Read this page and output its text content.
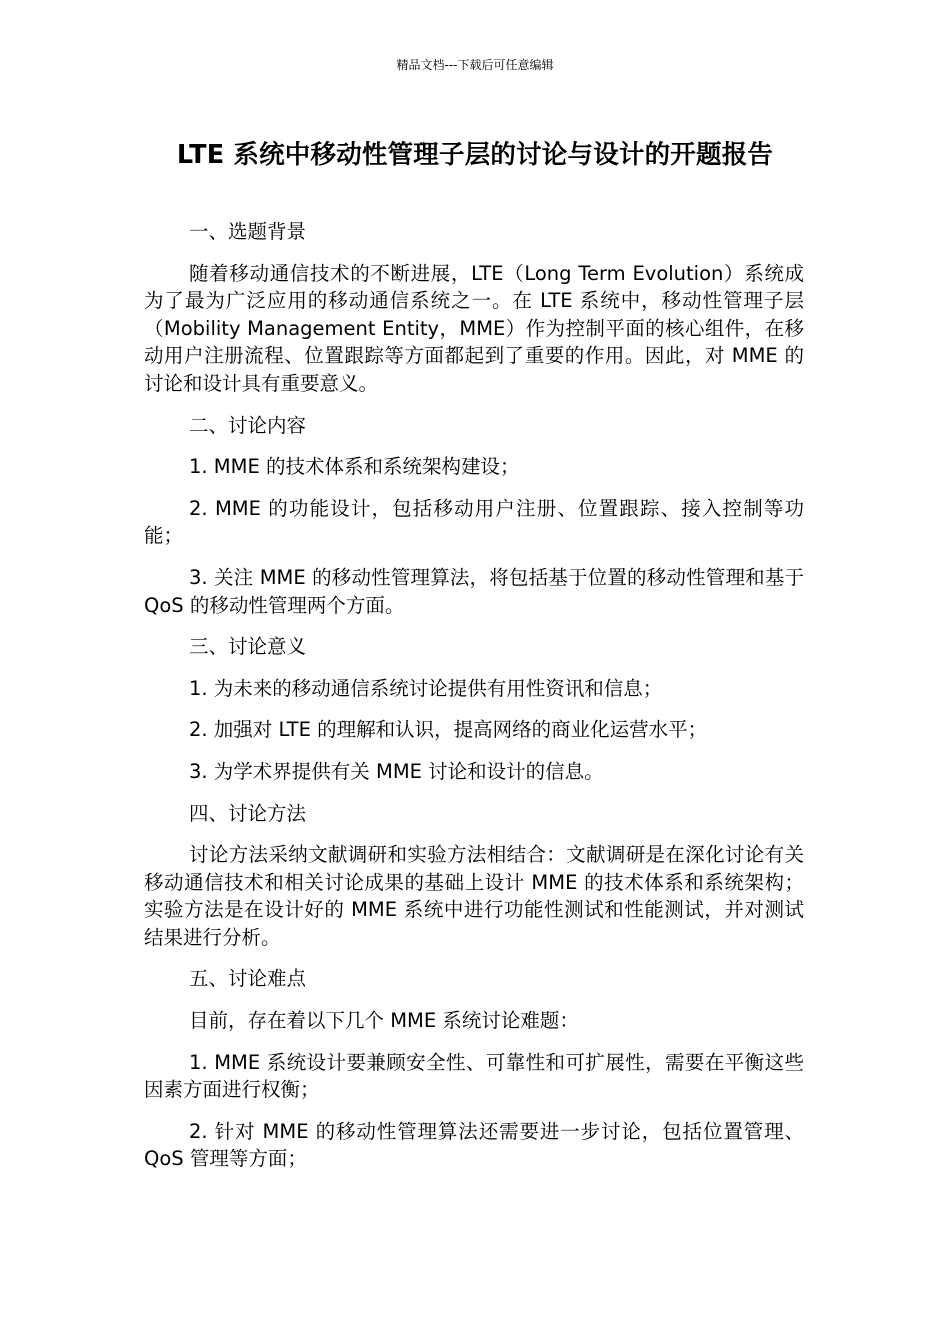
精品文档---下载后可任意编辑
LTE 系统中移动性管理子层的讨论与设计的开题报告

一、选题背景

随着移动通信技术的不断进展，LTE（Long Term Evolution）系统成为了最为广泛应用的移动通信系统之一。在 LTE 系统中，移动性管理子层（Mobility Management Entity，MME）作为控制平面的核心组件，在移动用户注册流程、位置跟踪等方面都起到了重要的作用。因此，对 MME 的讨论和设计具有重要意义。

二、讨论内容

1. MME 的技术体系和系统架构建设；

2. MME 的功能设计，包括移动用户注册、位置跟踪、接入控制等功能；

3. 关注 MME 的移动性管理算法，将包括基于位置的移动性管理和基于 QoS 的移动性管理两个方面。

三、讨论意义

1. 为未来的移动通信系统讨论提供有用性资讯和信息；

2. 加强对 LTE 的理解和认识，提高网络的商业化运营水平；

3. 为学术界提供有关 MME 讨论和设计的信息。

四、讨论方法

讨论方法采纳文献调研和实验方法相结合：文献调研是在深化讨论有关移动通信技术和相关讨论成果的基础上设计 MME 的技术体系和系统架构；实验方法是在设计好的 MME 系统中进行功能性测试和性能测试，并对测试结果进行分析。

五、讨论难点

目前，存在着以下几个 MME 系统讨论难题：

1. MME 系统设计要兼顾安全性、可靠性和可扩展性，需要在平衡这些因素方面进行权衡；

2. 针对 MME 的移动性管理算法还需要进一步讨论，包括位置管理、QoS 管理等方面；
